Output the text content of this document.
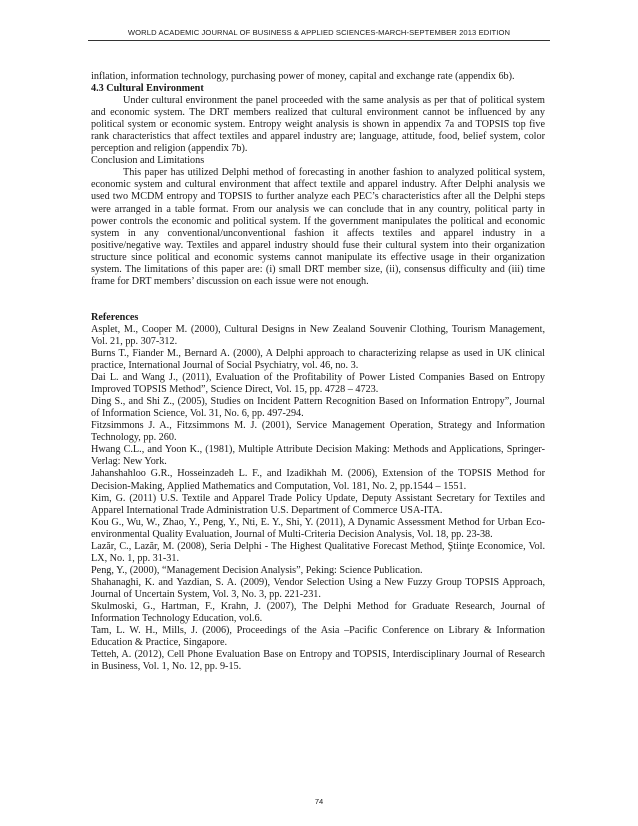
WORLD ACADEMIC JOURNAL OF BUSINESS & APPLIED SCIENCES-MARCH-SEPTEMBER 2013 EDITION

inflation, information technology, purchasing power of money, capital and exchange rate (appendix 6b).

4.3 Cultural Environment

Under cultural environment the panel proceeded with the same analysis as per that of political system and economic system. The DRT members realized that cultural environment cannot be influenced by any political system or economic system. Entropy weight analysis is shown in appendix 7a and TOPSIS top five rank characteristics that affect textiles and apparel industry are; language, attitude, food, belief system, color perception and religion (appendix 7b).

Conclusion and Limitations

This paper has utilized Delphi method of forecasting in another fashion to analyzed political system, economic system and cultural environment that affect textile and apparel industry. After Delphi analysis we used two MCDM entropy and TOPSIS to further analyze each PEC’s characteristics after all the Delphi steps were arranged in a table format. From our analysis we can conclude that in any country, political party in power controls the economic and political system. If the government manipulates the political and economic system in any conventional/unconventional fashion it affects textiles and apparel industry in a positive/negative way. Textiles and apparel industry should fuse their cultural system into their organization structure since political and economic systems cannot manipulate its effective usage in their organization system. The limitations of this paper are: (i) small DRT member size, (ii), consensus difficulty and (iii) time frame for DRT members’ discussion on each issue were not enough.

References

Asplet, M., Cooper M. (2000), Cultural Designs in New Zealand Souvenir Clothing, Tourism Management, Vol. 21, pp. 307-312.

Burns T., Fiander M., Bernard A. (2000), A Delphi approach to characterizing relapse as used in UK clinical practice, International Journal of Social Psychiatry, vol. 46, no. 3.

Dai L. and Wang J., (2011), Evaluation of the Profitability of Power Listed Companies Based on Entropy Improved TOPSIS Method”, Science Direct, Vol. 15, pp. 4728 – 4723.

Ding S., and Shi Z., (2005), Studies on Incident Pattern Recognition Based on Information Entropy”, Journal of Information Science, Vol. 31, No. 6, pp. 497-294.

Fitzsimmons J. A., Fitzsimmons M. J. (2001), Service Management Operation, Strategy and Information Technology, pp. 260.

Hwang C.L., and Yoon K., (1981), Multiple Attribute Decision Making: Methods and Applications, Springer-Verlag: New York.

Jahanshahloo G.R., Hosseinzadeh L. F., and Izadikhah M. (2006), Extension of the TOPSIS Method for Decision-Making, Applied Mathematics and Computation, Vol. 181, No. 2, pp.1544 – 1551.

Kim, G. (2011) U.S. Textile and Apparel Trade Policy Update, Deputy Assistant Secretary for Textiles and Apparel International Trade Administration U.S. Department of Commerce USA-ITA.

Kou G., Wu, W., Zhao, Y., Peng, Y., Nti, E. Y., Shi, Y. (2011), A Dynamic Assessment Method for Urban Eco-environmental Quality Evaluation, Journal of Multi-Criteria Decision Analysis, Vol. 18, pp. 23-38.

Lazăr, C., Lazăr, M. (2008), Seria Delphi - The Highest Qualitative Forecast Method, Ştiinţe Economice, Vol. LX, No. 1, pp. 31-31.

Peng, Y., (2000), “Management Decision Analysis”, Peking: Science Publication.

Shahanaghi, K. and Yazdian, S. A. (2009), Vendor Selection Using a New Fuzzy Group TOPSIS Approach, Journal of Uncertain System, Vol. 3, No. 3, pp. 221-231.

Skulmoski, G., Hartman, F., Krahn, J. (2007), The Delphi Method for Graduate Research, Journal of Information Technology Education, vol.6.

Tam, L. W. H., Mills, J. (2006), Proceedings of the Asia –Pacific Conference on Library & Information Education & Practice, Singapore.

Tetteh, A. (2012), Cell Phone Evaluation Base on Entropy and TOPSIS, Interdisciplinary Journal of Research in Business, Vol. 1, No. 12, pp. 9-15.

74
